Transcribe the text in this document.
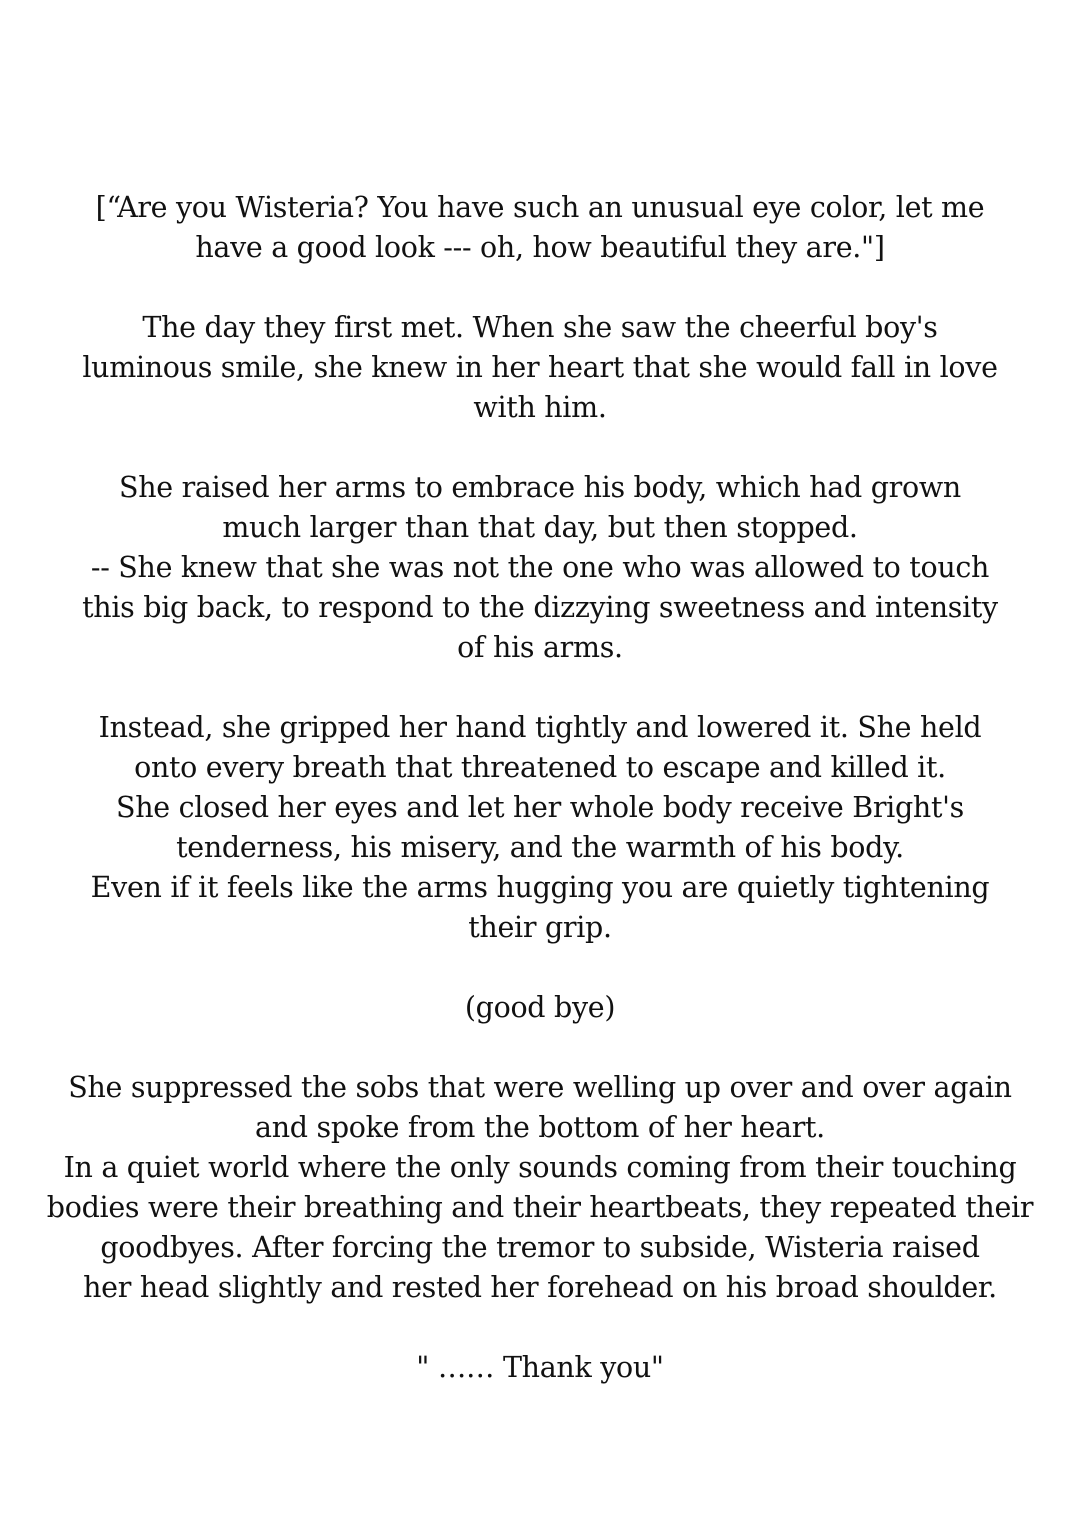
[“Are you Wisteria? You have such an unusual eye color, let me
have a good look --- oh, how beautiful they are."]
The day they first met. When she saw the cheerful boy's
luminous smile, she knew in her heart that she would fall in love
with him.
She raised her arms to embrace his body, which had grown
much larger than that day, but then stopped.
-- She knew that she was not the one who was allowed to touch
this big back, to respond to the dizzying sweetness and intensity
of his arms.
Instead, she gripped her hand tightly and lowered it. She held
onto every breath that threatened to escape and killed it.
She closed her eyes and let her whole body receive Bright's
tenderness, his misery, and the warmth of his body.
Even if it feels like the arms hugging you are quietly tightening
their grip.
(good bye)
She suppressed the sobs that were welling up over and over again
and spoke from the bottom of her heart.
In a quiet world where the only sounds coming from their touching
bodies were their breathing and their heartbeats, they repeated their
goodbyes. After forcing the tremor to subside, Wisteria raised
her head slightly and rested her forehead on his broad shoulder.
" …… Thank you"
